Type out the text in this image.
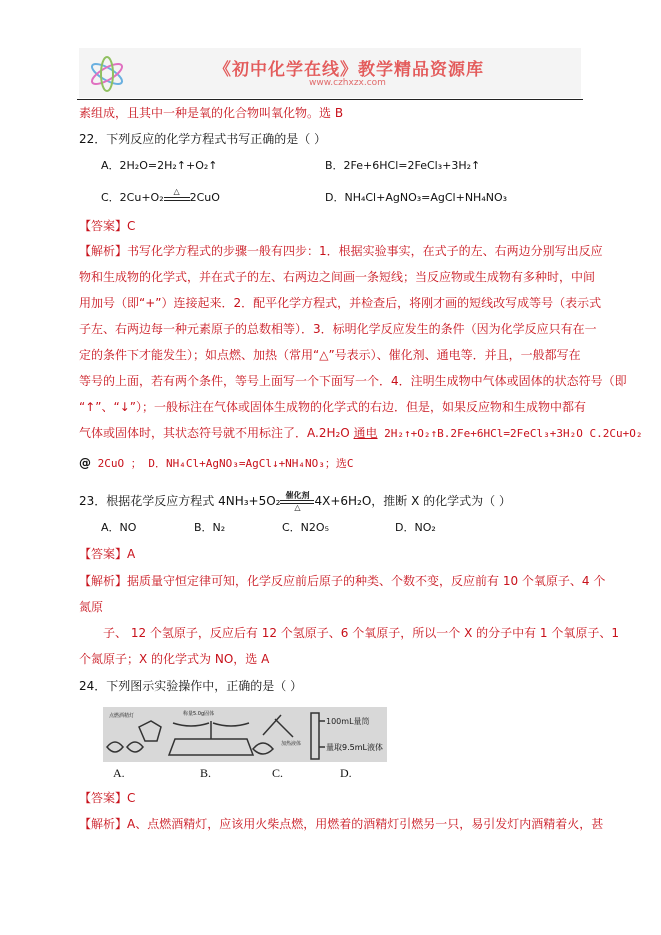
《初中化学在线》教学精品资源库
www.czhxzx.com
素组成，且其中一种是氧的化合物叫氧化物。选 B
22．下列反应的化学方程式书写正确的是（ ）
A．2H₂O=2H₂↑+O₂↑	B．2Fe+6HCl=2FeCl₃+3H₂↑
C．2Cu+O₂	△ 2CuO	D．NH₄Cl+AgNO₃=AgCl+NH₄NO₃
【答案】C
【解析】书写化学方程式的步骤一般有四步：1．根据实验事实，在式子的左、右两边分别写出反应
物和生成物的化学式，并在式子的左、右两边之间画一条短线；当反应物或生成物有多种时，中间
用加号（即“+”）连接起来．2．配平化学方程式，并检查后，将刚才画的短线改写成等号（表示式
子左、右两边每一种元素原子的总数相等）．3．标明化学反应发生的条件（因为化学反应只有在一
定的条件下才能发生）；如点燃、加热（常用“△”号表示）、催化剂、通电等．并且，一般都写在
等号的上面，若有两个条件，等号上面写一个下面写一个．4．注明生成物中气体或固体的状态符号（即
“↑”、“↓”）；一般标注在气体或固体生成物的化学式的右边．但是，如果反应物和生成物中都有
气体或固体时，其状态符号就不用标注了．A.2H₂O 通电 2H₂↑+O₂↑B.2Fe+6HCl=2FeCl₃+3H₂O C.2Cu+O₂
@ 2CuO ； D．NH₄Cl+AgNO₃=AgCl↓+NH₄NO₃；选C
23．根据花学反应方程式 4NH₃+5O₂ 催化剂
△	4X+6H₂O，推断 X 的化学式为（ ）
A．NO	B．N₂	C．N2O₅	D．NO₂
【答案】A
【解析】据质量守恒定律可知，化学反应前后原子的种类、个数不变，反应前有 10 个氧原子、4 个
氮原
子、 12 个氢原子，反应后有 12 个氢原子、6 个氧原子，所以一个 X 的分子中有 1 个氧原子、1
个氮原子；X 的化学式为 NO，选 A
24．下列图示实验操作中，正确的是（ ）
点燃酒精灯	称量5.0g固体
加热液体
100mL量筒
量取9.5mL液体
A.	B.	C.	D.
【答案】C
【解析】A、点燃酒精灯，应该用火柴点燃，用燃着的酒精灯引燃另一只，易引发灯内酒精着火，甚
